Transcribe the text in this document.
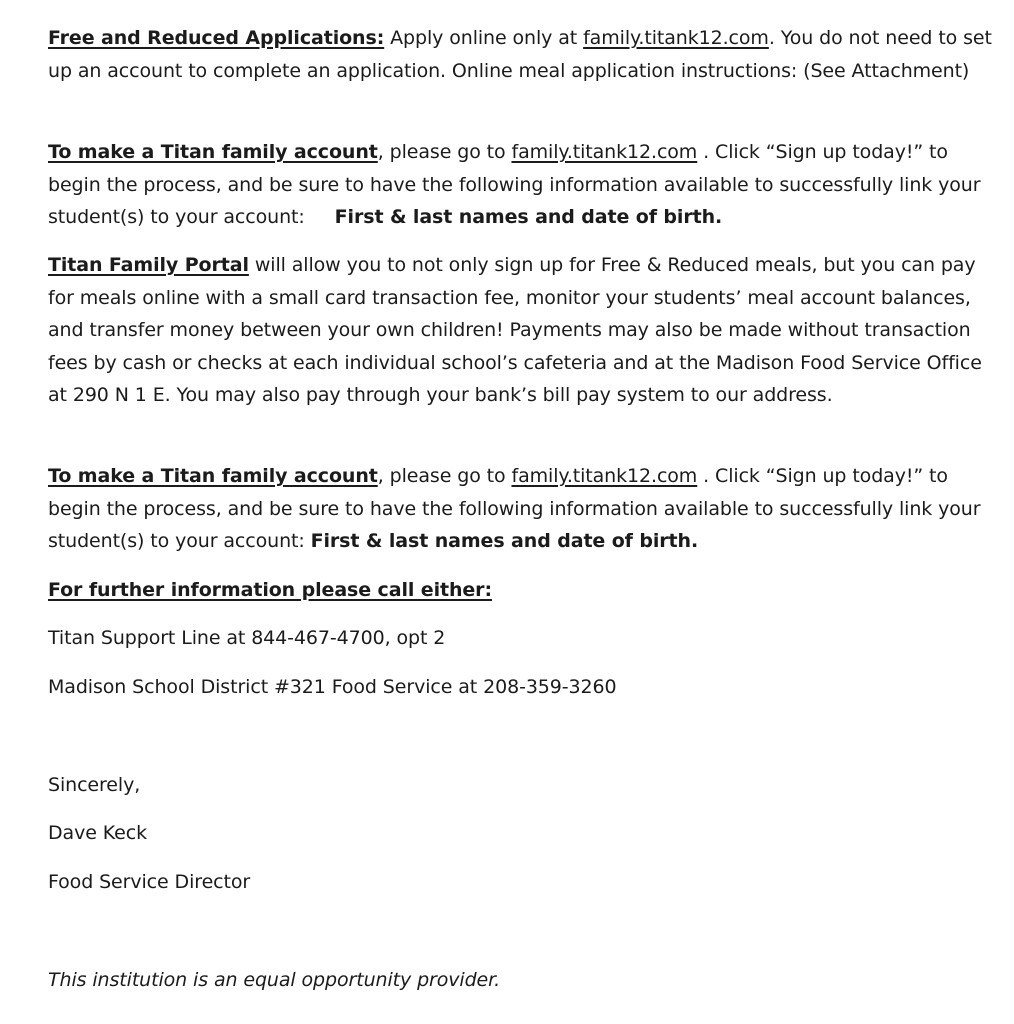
Free and Reduced Applications: Apply online only at family.titank12.com. You do not need to set up an account to complete an application. Online meal application instructions: (See Attachment)

To make a Titan family account, please go to family.titank12.com . Click “Sign up today!” to begin the process, and be sure to have the following information available to successfully link your student(s) to your account: First & last names and date of birth.

Titan Family Portal will allow you to not only sign up for Free & Reduced meals, but you can pay for meals online with a small card transaction fee, monitor your students’ meal account balances, and transfer money between your own children! Payments may also be made without transaction fees by cash or checks at each individual school’s cafeteria and at the Madison Food Service Office at 290 N 1 E. You may also pay through your bank’s bill pay system to our address.

To make a Titan family account, please go to family.titank12.com . Click “Sign up today!” to begin the process, and be sure to have the following information available to successfully link your student(s) to your account: First & last names and date of birth.

For further information please call either:

Titan Support Line at 844-467-4700, opt 2

Madison School District #321 Food Service at 208-359-3260

Sincerely,

Dave Keck

Food Service Director

This institution is an equal opportunity provider.
